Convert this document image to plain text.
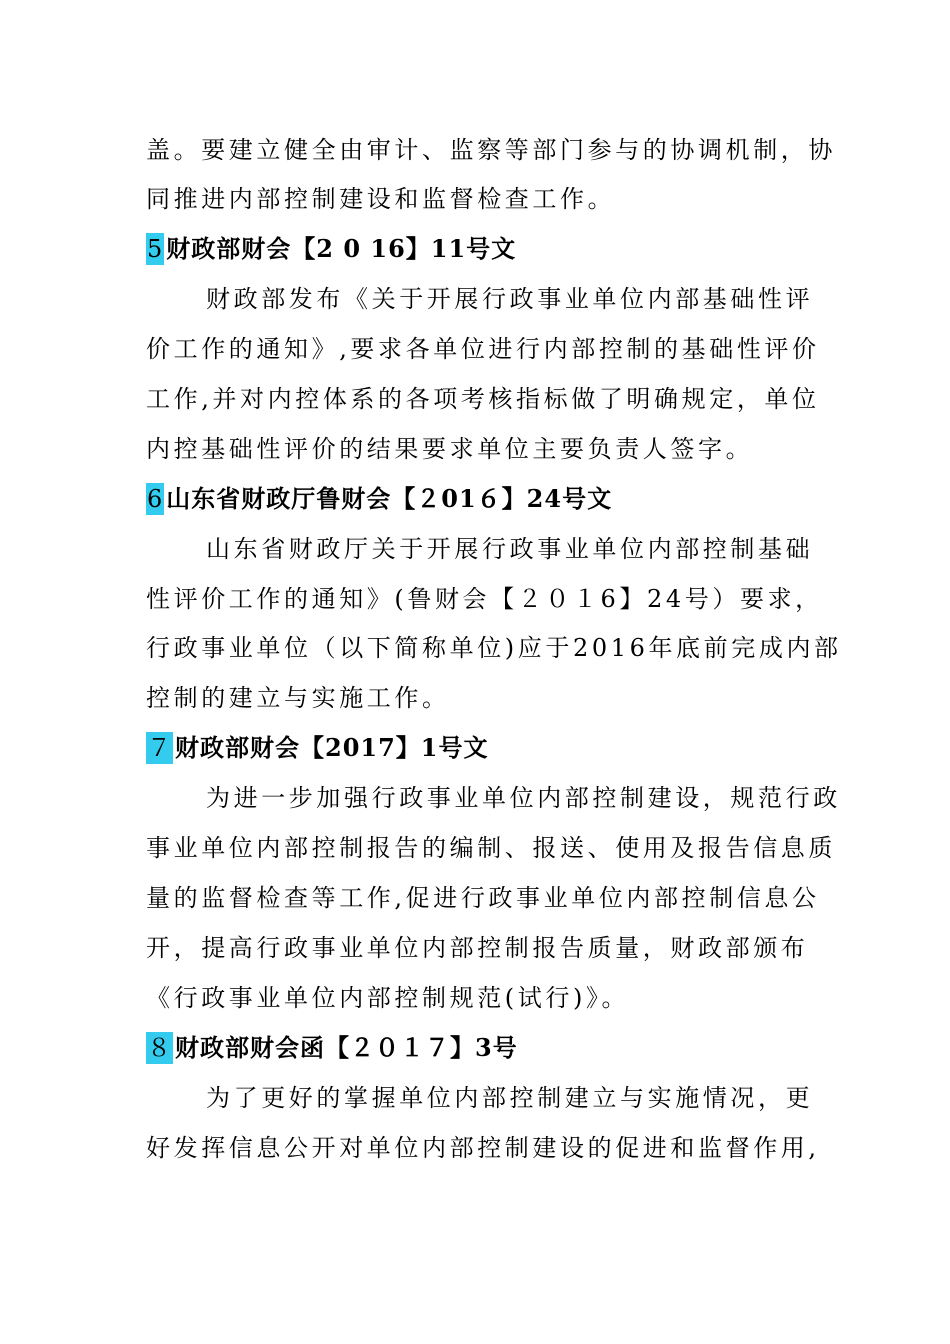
盖。要建立健全由审计、监察等部门参与的协调机制，协
同推进内部控制建设和监督检查工作。
5 财政部财会【2 0 16】11号文
财政部发布《关于开展行政事业单位内部基础性评
价工作的通知》,要求各单位进行内部控制的基础性评价
工作,并对内控体系的各项考核指标做了明确规定，单位
内控基础性评价的结果要求单位主要负责人签字。
6 山东省财政厅鲁财会【２01６】24号文
山东省财政厅关于开展行政事业单位内部控制基础
性评价工作的通知》(鲁财会【２０１6】24号）要求，
行政事业单位（以下简称单位)应于2016年底前完成内部
控制的建立与实施工作。
７ 财政部财会【2017】1号文
为进一步加强行政事业单位内部控制建设，规范行政
事业单位内部控制报告的编制、报送、使用及报告信息质
量的监督检查等工作,促进行政事业单位内部控制信息公
开，提高行政事业单位内部控制报告质量，财政部颁布
《行政事业单位内部控制规范(试行)》。
８ 财政部财会函【２０１７】3号
为了更好的掌握单位内部控制建立与实施情况，更
好发挥信息公开对单位内部控制建设的促进和监督作用,
